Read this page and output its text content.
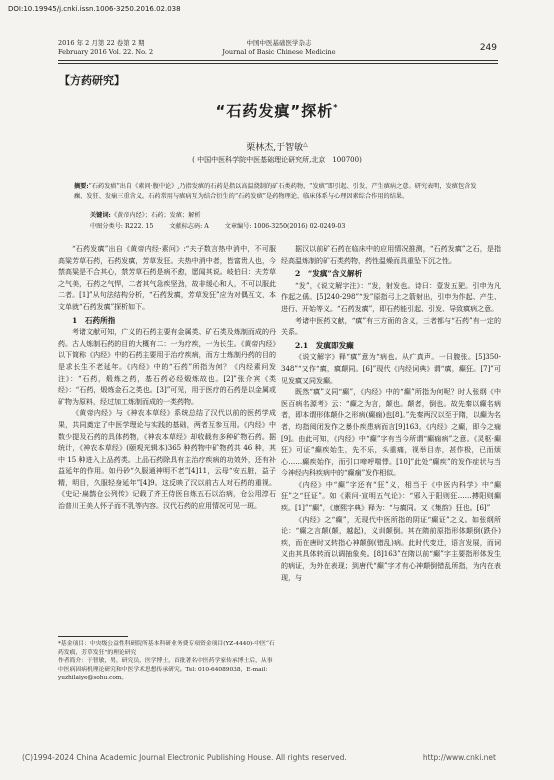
DOI:10.19945/j.cnki.issn.1006-3250.2016.02.038
2016 年 2 月第 22 卷第 2 期
February 2016 Vol. 22. No. 2
中国中医基础医学杂志
Journal of Basic Chinese Medicine	249
【方药研究】
“石药发瘨”探析*
栗林杰,于智敏△
( 中国中医科学院中医基础理论研究所,北京　100700)
摘要:“石药发瘨”出自《素问·腹中论》,乃指发瘨的石药是指以高温烧制的矿石类药物，“发瘨”即引起、引发、产生瘨病之意。研究表明，发瘨包含发癫、发狂、发痫三重含义。石药常用与瘨病互为结合衍生的“石药发瘨”是药物理论、临床体系与心理因素综合作用的结果。
关键词:《黄帝内经》；石药；发瘨；解析
中图分类号: R222. 15	文献标志码: A	文章编号: 1006-3250(2016) 02-0249-03

“石药发瘨”出自《黄帝内经·素问》:“夫子数言热中消中，不可服高粱芳草石药，石药发瘨，芳草发狂。夫热中消中者，皆富贵人也，今禁高粱是不合其心，禁芳草石药是病不愈，愿闻其说。岐伯曰：夫芳草之气美，石药之气悍，二者其气急疾坚劲，故非缓心和人，不可以服此二者。[1]”从句法结构分析，“石药发瘨，芳草发狂”应为对偶互文，本文单就“石药发瘨”探析如下。

1　石药所指

考诸文献可知，广义的石药主要有金属类、矿石类及炼制而成的丹药。古人炼制石药的目的大概有二：一为疗疾，一为长生。《黄帝内经》以下简称《内经》中的石药主要用于治疗疾病，而方士炼制丹药的目的是求长生不老延年。《内经》中的“石药”所指为何？《内经素问发注》：“石药，煅炼之药，基石药必经煅炼故也。[2]”张介宾《类经》：“石药，煅炼金石之类也。[3]”可见，用于医疗的石药是以金属或矿物为原料，经过加工炼制而成的一类药物。

《黄帝内经》与《神农本草经》系统总结了汉代以前的医药学成果，共同奠定了中医学理论与实践的基础，两者互参互用。《内经》中数少提及石药的具体药物，《神农本草经》却收载有多种矿物石药。据统计，《神农本草经》(颐观光辑本)365 种药物中矿物药共 46 种，其中 15 种进入上品药类。上品石药除具有主治疗疾病的功效外，还有补益延年的作用。如丹砂“久服通神明不老”[4]11，云母“安五脏，益子精，明目，久服轻身延年”[4]9。这反映了汉以前古人对石药的重视。《史记·扁鹊仓公列传》记载了齐王侍医自炼五石以治病，仓公用淳石治普川王美人怀子而不乳等内容。汉代石药的应用情况可见一斑。

*基金项目：中央级公益性科研院所基本科研业务费专项资金项目(YZ-4440)-中医“石药发瘨，芳草发狂”的理论研究
作者简介：于智敏，男，研究员，医学博士，首批著名中医药学家传承博士后，从事中医病因病机理论研究和中医学术思想传承研究。Tel: 010-64089038，E-mail: yuzhilaiye@sohu.com。

据汉以前矿石药在临床中的应用情况推测，“石药发瘨”之石，是指经高温炼制的矿石类药物，药性温燥而具重坠下沉之性。

2　“发瘨”含义解析

“发”，《说文解字注》：“发，射发也。诗曰：壹发五豝。引申为凡作起之偁。[5]240-298”“发”原指弓上之箭射出，引申为作起、产生、进行、开始等义。“石药发瘨”，即石药能引起、引发、导致瘨病之意。

考诸中医药文献，“瘨”有三方面的含义，三者都与“石药”有一定的关系。

2.1　发瘨即发癫

《说文解字》释“瘨”意为“病也。从疒真声。一曰腹张。[5]350-348”“又作“瘨，瘨颠同。[6]”现代《内经词典》谓“瘨，癫狂。[7]”可见发瘨又同发癫。

既然“瘨”义同“癫”，《内经》中的“癫”所指为何呢？时人张纲《中医百病名源考》云：“癫之为言，颠也。颠者，倒也。故先秦以癫名病者，即本谓形体颠仆之形病(癫痫)也[8]。”先秦两汉以至于隋，以癫为名者，均指阅闭发作之暴仆疾患病而言[9]163。《内经》之癫，即今之痫[9]。由此可知，《内经》中“癫”字有当今所谓“癫痫病”之意。《灵枢·癫狂》可证“癫疾始生，先不乐，头重痛，视举目赤，甚作极，已而烦心……癫疾始作，而引口啼呼喘悸。[10]”此处“癫疾”的发作症状与当今神经内科疾病中的“癫痫”发作相似。

《内经》中“癫”字还有“狂”义，相当于《中医内科学》中“癫狂”之“狂证”。如《素问·宣明五气论》：“邪入于阳则狂……搏阳则癫疾。[1]”“癫”，《康熙字典》释为：“与瘨同。又《集韵》狂也。[6]”

《内经》之“癫”，无现代中医所指的阴证“癫证”之义。如张纲所论：“癫之言颠(颠，越起)，义训颠倒。其在隋前原指形体颠倒(跌仆)疾，而在唐时又转指心神颠倒(错乱)病。此时代变迁，语言发展，而词义由其具体转而以调抽象矣。[8]163”在隋以前“癫”字主要指形体发生的病证，为外在表现；到唐代“癫”字才有心神颠倒错乱所指，为内在表现，与

(C)1994-2024 China Academic Journal Electronic Publishing House. All rights reserved.	http://www.cnki.net
